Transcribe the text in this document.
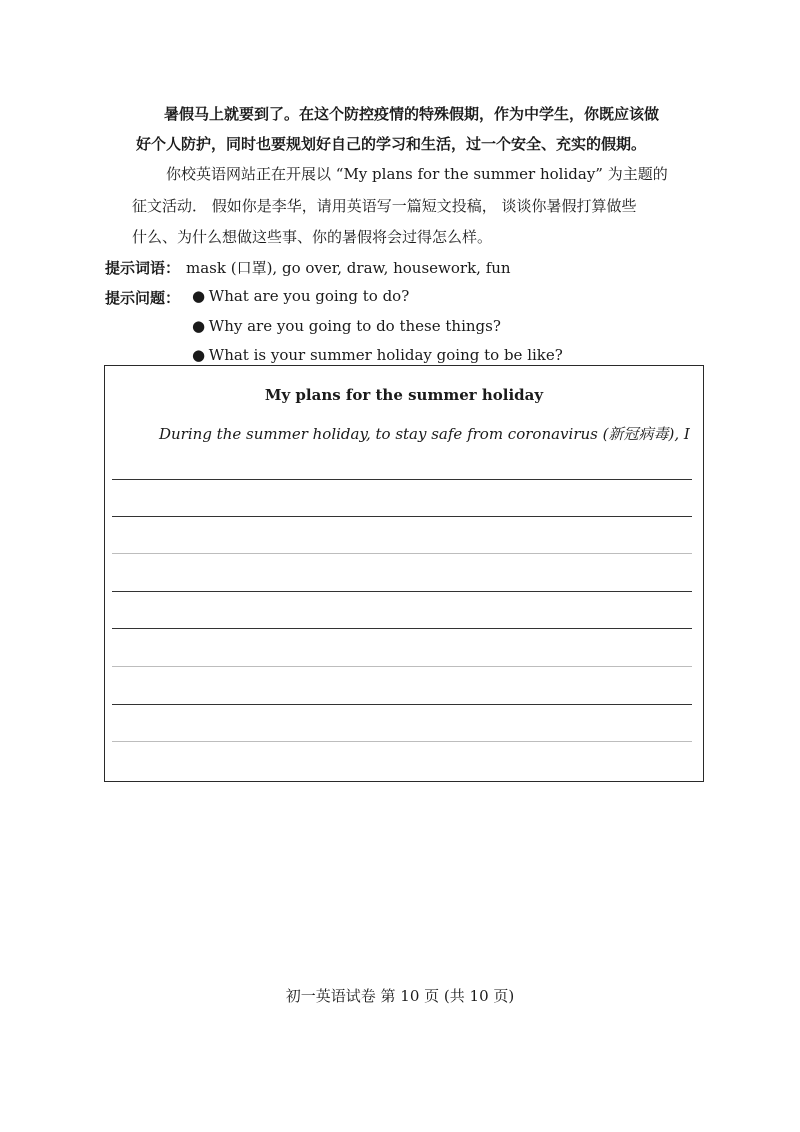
暑假马上就要到了。在这个防控疫情的特殊假期，作为中学生，你既应该做
好个人防护，同时也要规划好自己的学习和生活，过一个安全、充实的假期。
你校英语网站正在开展以 “My plans for the summer holiday” 为主题的
征文活动． 假如你是李华，请用英语写一篇短文投稿， 谈谈你暑假打算做些
什么、为什么想做这些事、你的暑假将会过得怎么样。
提示词语： mask (口罩), go over, draw, housework, fun
提示问题： ● What are you going to do?
● Why are you going to do these things?
● What is your summer holiday going to be like?
My plans for the summer holiday
During the summer holiday, to stay safe from coronavirus (新冠病毒), I
初一英语试卷 第 10 页 (共 10 页)
